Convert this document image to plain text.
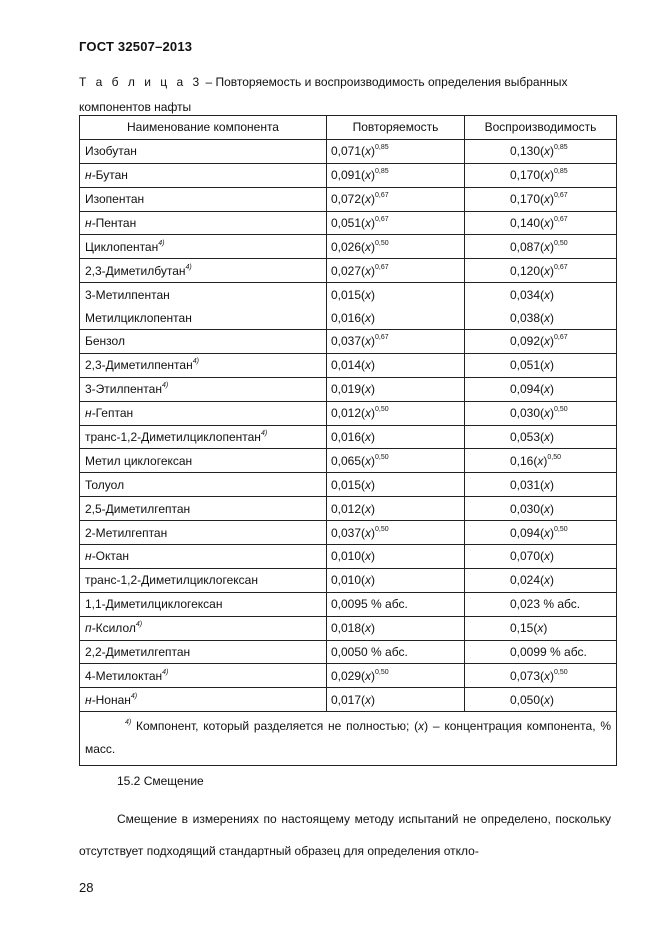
ГОСТ 32507–2013
Т а б л и ц а 3 – Повторяемость и воспроизводимость определения выбранных компонентов нафты
Наименование компонента	Повторяемость	Воспроизводимость
Изобутан	$0,071(x)^{0,85}$	$0,130(x)^{0,85}$
н-Бутан	$0,091(x)^{0,85}$	$0,170(x)^{0,85}$
Изопентан	$0,072(x)^{0,67}$	$0,170(x)^{0,67}$
н-Пентан	$0,051(x)^{0,67}$	$0,140(x)^{0,67}$
Циклопентан$^{4)}$	$0,026(x)^{0,50}$	$0,087(x)^{0,50}$
2,3-Диметилбутан$^{4)}$	$0,027(x)^{0,67}$	$0,120(x)^{0,67}$
3-Метилпентан	0,015(x)	0,034(x)
Метилциклопентан	0,016(x)	0,038(x)
Бензол	$0,037(x)^{0,67}$	$0,092(x)^{0,67}$
2,3-Диметилпентан$^{4)}$	0,014(x)	0,051(x)
3-Этилпентан$^{4)}$	0,019(x)	0,094(x)
н-Гептан	$0,012(x)^{0,50}$	$0,030(x)^{0,50}$
транс-1,2-Диметилциклопентан$^{4)}$	0,016(x)	0,053(x)
Метил циклогексан	$0,065(x)^{0,50}$	$0,16(x)^{0,50}$
Толуол	0,015(x)	0,031(x)
2,5-Диметилгептан	0,012(x)	0,030(x)
2-Метилгептан	$0,037(x)^{0,50}$	$0,094(x)^{0,50}$
н-Октан	0,010(x)	0,070(x)
транс-1,2-Диметилциклогексан	0,010(x)	0,024(x)
1,1-Диметилциклогексан	0,0095 % абс.	0,023 % абс.
п-Ксилол$^{4)}$	0,018(x)	0,15(x)
2,2-Диметилгептан	0,0050 % абс.	0,0099 % абс.
4-Метилоктан$^{4)}$	$0,029(x)^{0,50}$	$0,073(x)^{0,50}$
н-Нонан$^{4)}$	0,017(x)	0,050(x)
$^{4)}$ Компонент, который разделяется не полностью; (x) – концентрация компонента, % масс.		
15.2 Смещение
Смещение в измерениях по настоящему методу испытаний не определено, поскольку отсутствует подходящий стандартный образец для определения откло-
28
